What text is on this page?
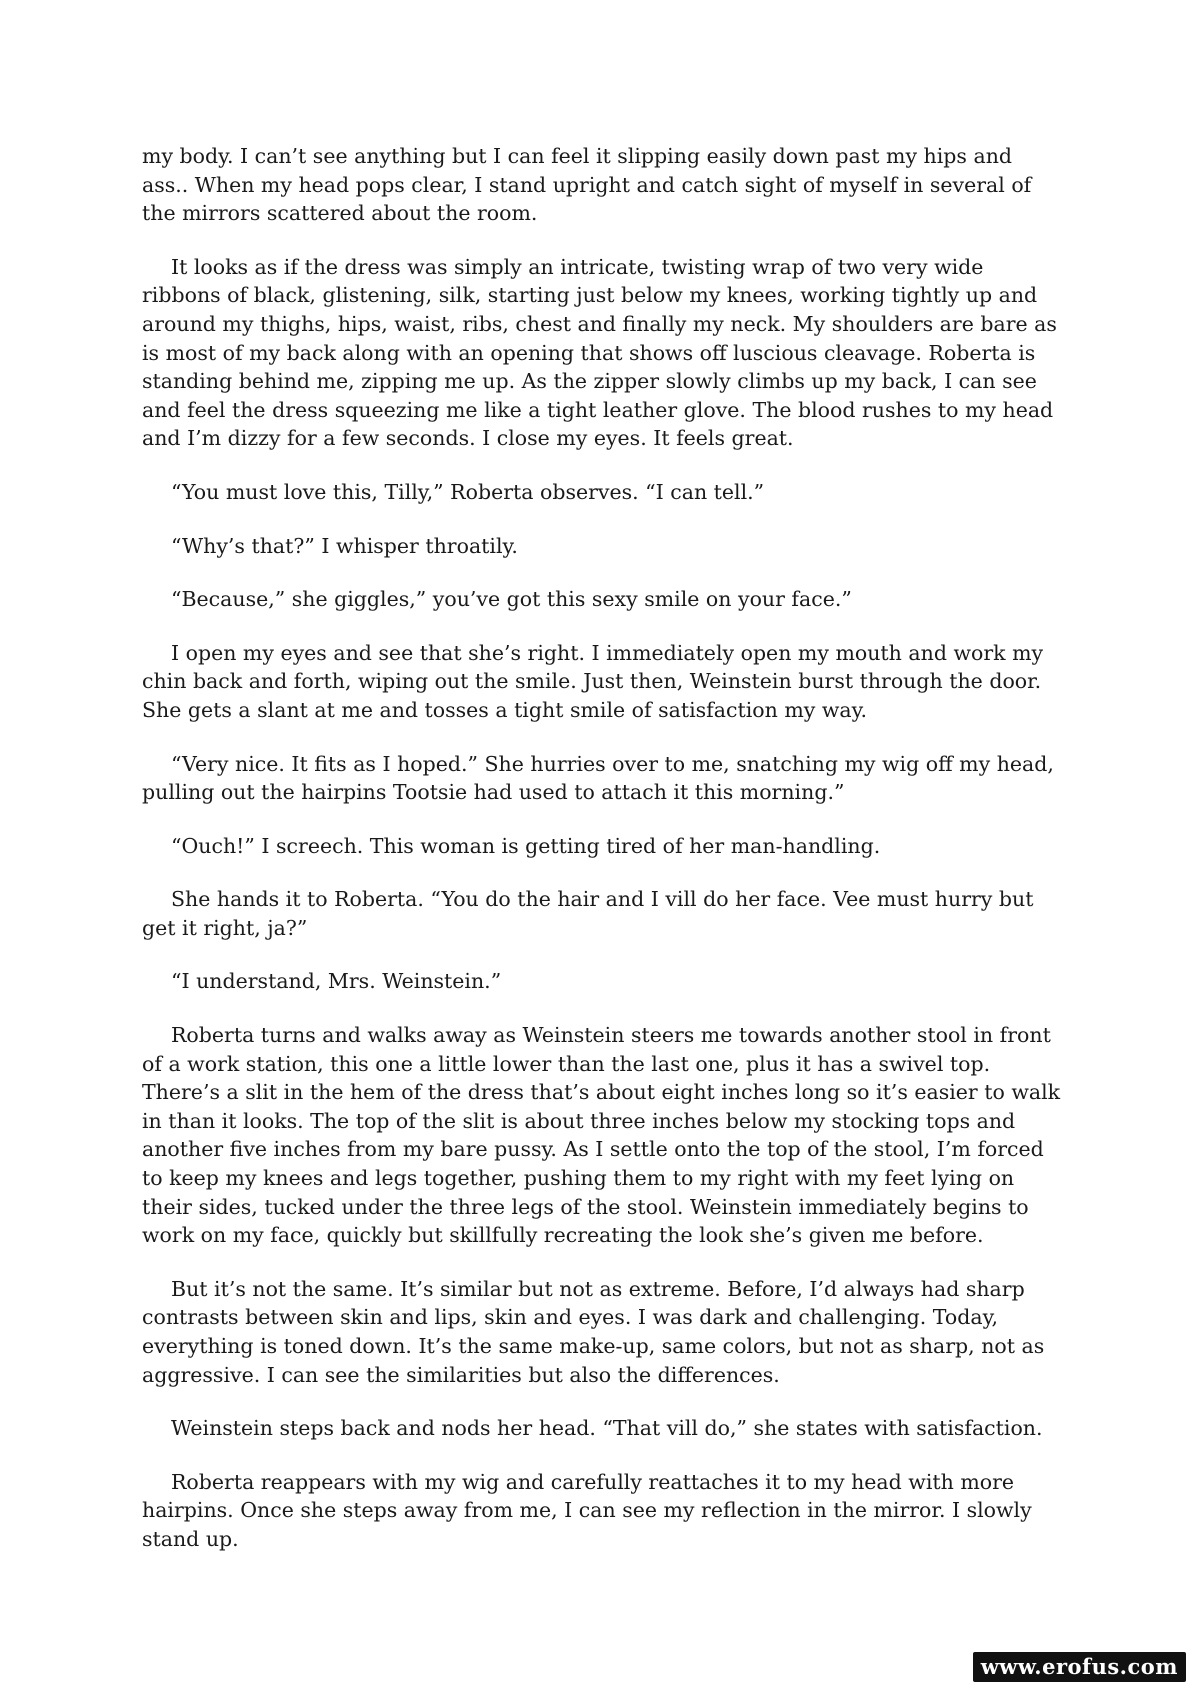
my body. I can’t see anything but I can feel it slipping easily down past my hips and ass.. When my head pops clear, I stand upright and catch sight of myself in several of the mirrors scattered about the room.

It looks as if the dress was simply an intricate, twisting wrap of two very wide ribbons of black, glistening, silk, starting just below my knees, working tightly up and around my thighs, hips, waist, ribs, chest and finally my neck. My shoulders are bare as is most of my back along with an opening that shows off luscious cleavage. Roberta is standing behind me, zipping me up. As the zipper slowly climbs up my back, I can see and feel the dress squeezing me like a tight leather glove. The blood rushes to my head and I’m dizzy for a few seconds. I close my eyes. It feels great.

“You must love this, Tilly,” Roberta observes. “I can tell.”

“Why’s that?” I whisper throatily.

“Because,” she giggles,” you’ve got this sexy smile on your face.”

I open my eyes and see that she’s right. I immediately open my mouth and work my chin back and forth, wiping out the smile. Just then, Weinstein burst through the door. She gets a slant at me and tosses a tight smile of satisfaction my way.

“Very nice. It fits as I hoped.” She hurries over to me, snatching my wig off my head, pulling out the hairpins Tootsie had used to attach it this morning.”

“Ouch!” I screech. This woman is getting tired of her man-handling.

She hands it to Roberta. “You do the hair and I vill do her face. Vee must hurry but get it right, ja?”

“I understand, Mrs. Weinstein.”

Roberta turns and walks away as Weinstein steers me towards another stool in front of a work station, this one a little lower than the last one, plus it has a swivel top. There’s a slit in the hem of the dress that’s about eight inches long so it’s easier to walk in than it looks. The top of the slit is about three inches below my stocking tops and another five inches from my bare pussy. As I settle onto the top of the stool, I’m forced to keep my knees and legs together, pushing them to my right with my feet lying on their sides, tucked under the three legs of the stool. Weinstein immediately begins to work on my face, quickly but skillfully recreating the look she’s given me before.

But it’s not the same. It’s similar but not as extreme. Before, I’d always had sharp contrasts between skin and lips, skin and eyes. I was dark and challenging. Today, everything is toned down. It’s the same make-up, same colors, but not as sharp, not as aggressive. I can see the similarities but also the differences.

Weinstein steps back and nods her head. “That vill do,” she states with satisfaction.

Roberta reappears with my wig and carefully reattaches it to my head with more hairpins. Once she steps away from me, I can see my reflection in the mirror. I slowly stand up.

www.erofus.com
